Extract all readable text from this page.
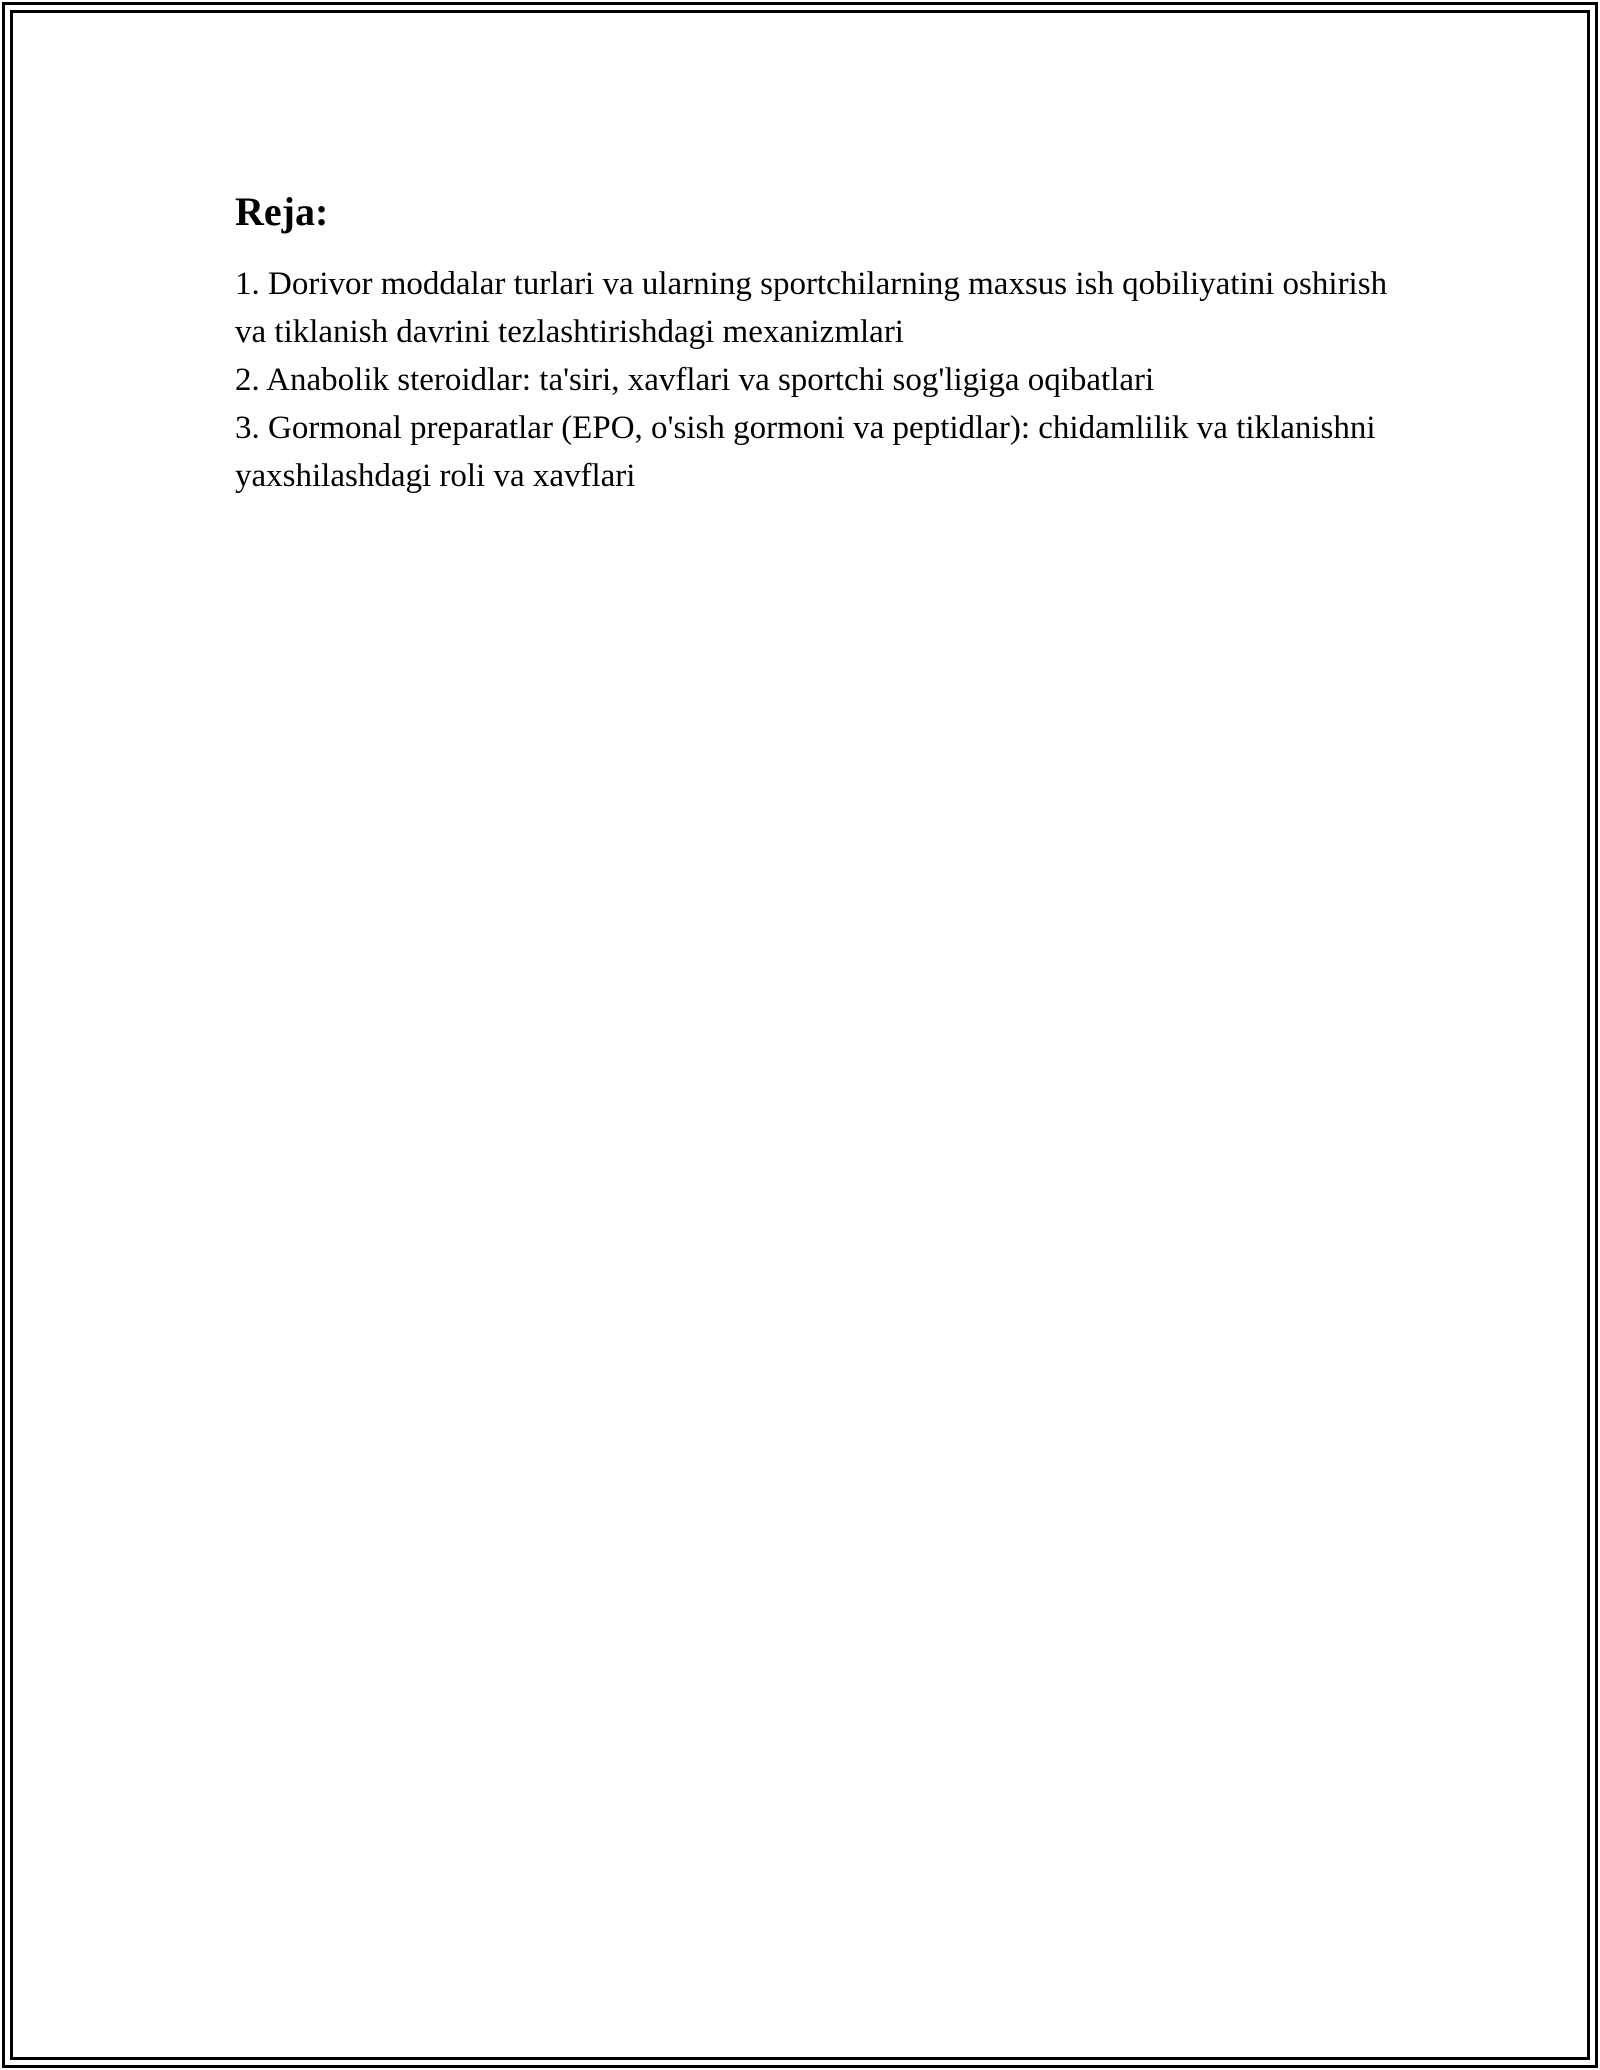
Reja:
1. Dorivor moddalar turlari va ularning sportchilarning maxsus ish qobiliyatini oshirish va tiklanish davrini tezlashtirishdagi mexanizmlari
2. Anabolik steroidlar: ta'siri, xavflari va sportchi sog'ligiga oqibatlari
3. Gormonal preparatlar (EPO, o'sish gormoni va peptidlar): chidamlilik va tiklanishni yaxshilashdagi roli va xavflari
